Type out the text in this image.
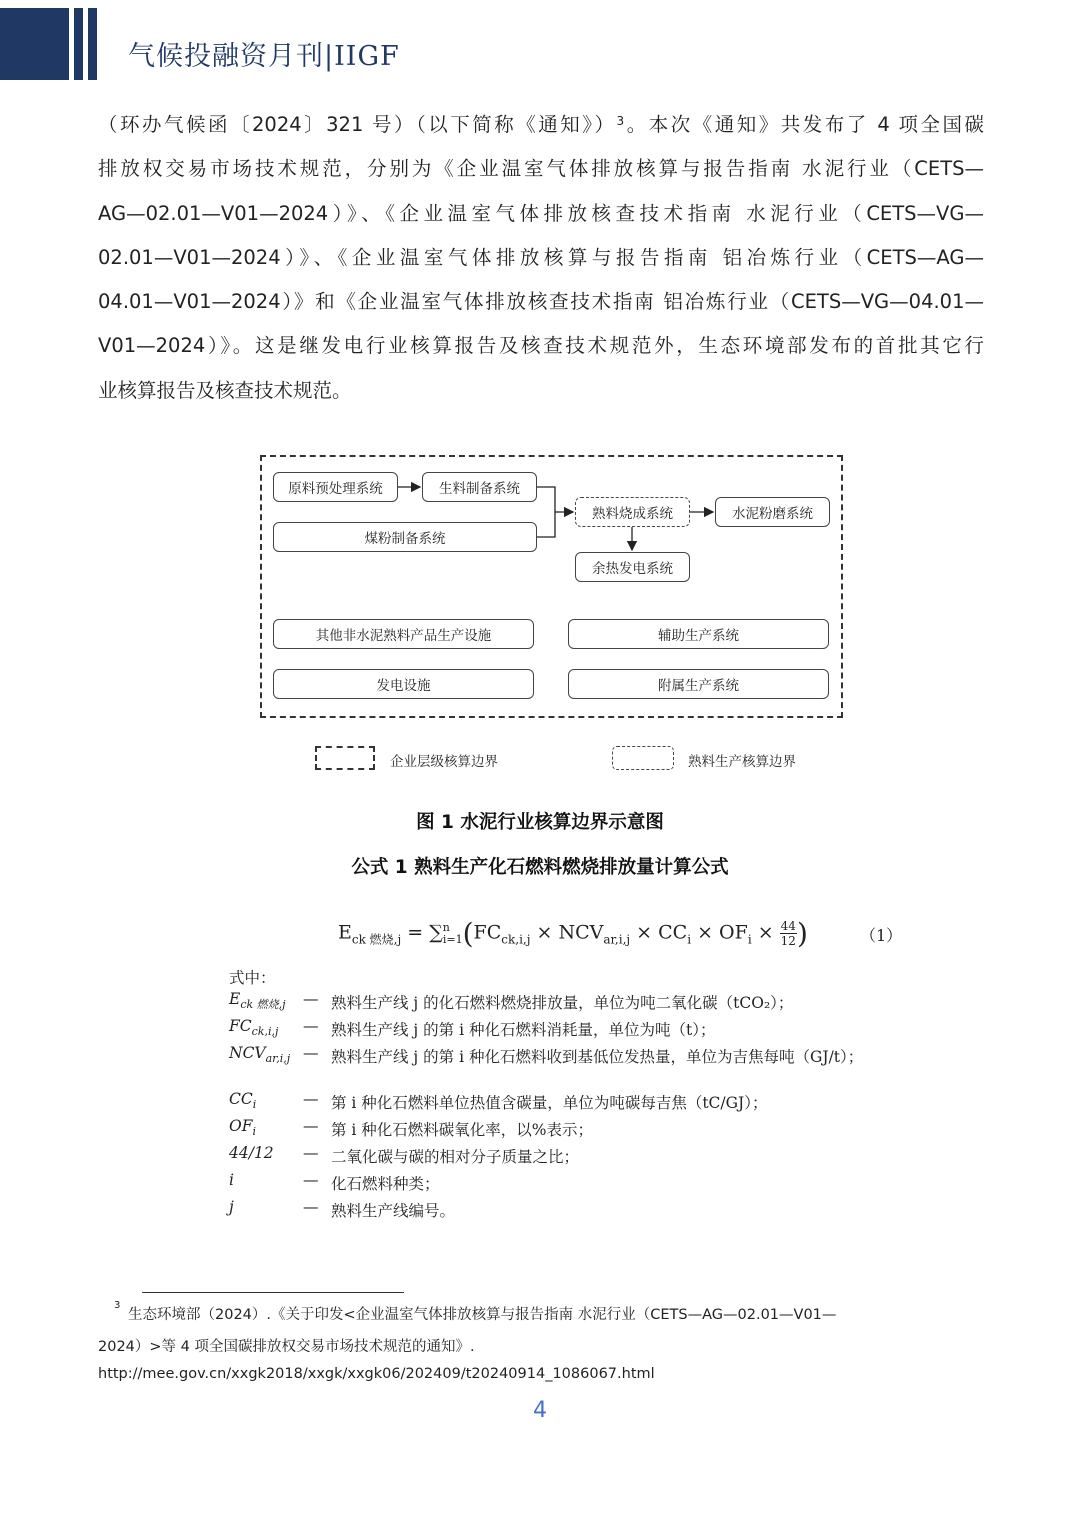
气候投融资月刊|IIGF

（环办气候函〔2024〕321 号）（以下简称《通知》）$^3$。本次《通知》共发布了 4 项全国碳

排放权交易市场技术规范，分别为《企业温室气体排放核算与报告指南 水泥行业（CETS—

AG—02.01—V01—2024）》、《企业温室气体排放核查技术指南 水泥行业（CETS—VG—

02.01—V01—2024）》、《企业温室气体排放核算与报告指南 铝冶炼行业（CETS—AG—

04.01—V01—2024）》和《企业温室气体排放核查技术指南 铝冶炼行业（CETS—VG—04.01—

V01—2024）》。这是继发电行业核算报告及核查技术规范外，生态环境部发布的首批其它行

业核算报告及核查技术规范。

原料预处理系统	生料制备系统
煤粉制备系统
熟料烧成系统	水泥粉磨系统
余热发电系统
其他非水泥熟料产品生产设施	辅助生产系统
发电设施	附属生产系统
企业层级核算边界	熟料生产核算边界
图 1 水泥行业核算边界示意图
公式 1 熟料生产化石燃料燃烧排放量计算公式
$E_{ck 燃烧,j} = \sum^n_{i=1}(FC_{ck,i,j} \times NCV_{ar,i,j} \times CC_i \times OF_i \times \frac{44}{12}$ )	（1）
式中：
$E_{ck 燃烧,j}$ — 熟料生产线 j 的化石燃料燃烧排放量，单位为吨二氧化碳（tCO₂）；
$FC_{ck,i,j}$ — 熟料生产线 j 的第 i 种化石燃料消耗量，单位为吨（t）；
$NCV_{ar,i,j}$ — 熟料生产线 j 的第 i 种化石燃料收到基低位发热量，单位为吉焦每吨（GJ/t）；
$CC_i$	— 第 i 种化石燃料单位热值含碳量，单位为吨碳每吉焦（tC/GJ）；
$OF_i$	— 第 i 种化石燃料碳氧化率，以%表示；
44/12 — 二氧化碳与碳的相对分子质量之比；
i	— 化石燃料种类；
j	— 熟料生产线编号。
3
生态环境部（2024）.《关于印发<企业温室气体排放核算与报告指南 水泥行业（CETS—AG—02.01—V01—
2024）>等 4 项全国碳排放权交易市场技术规范的通知》.
http://mee.gov.cn/xxgk2018/xxgk/xxgk06/202409/t20240914_1086067.html
4
